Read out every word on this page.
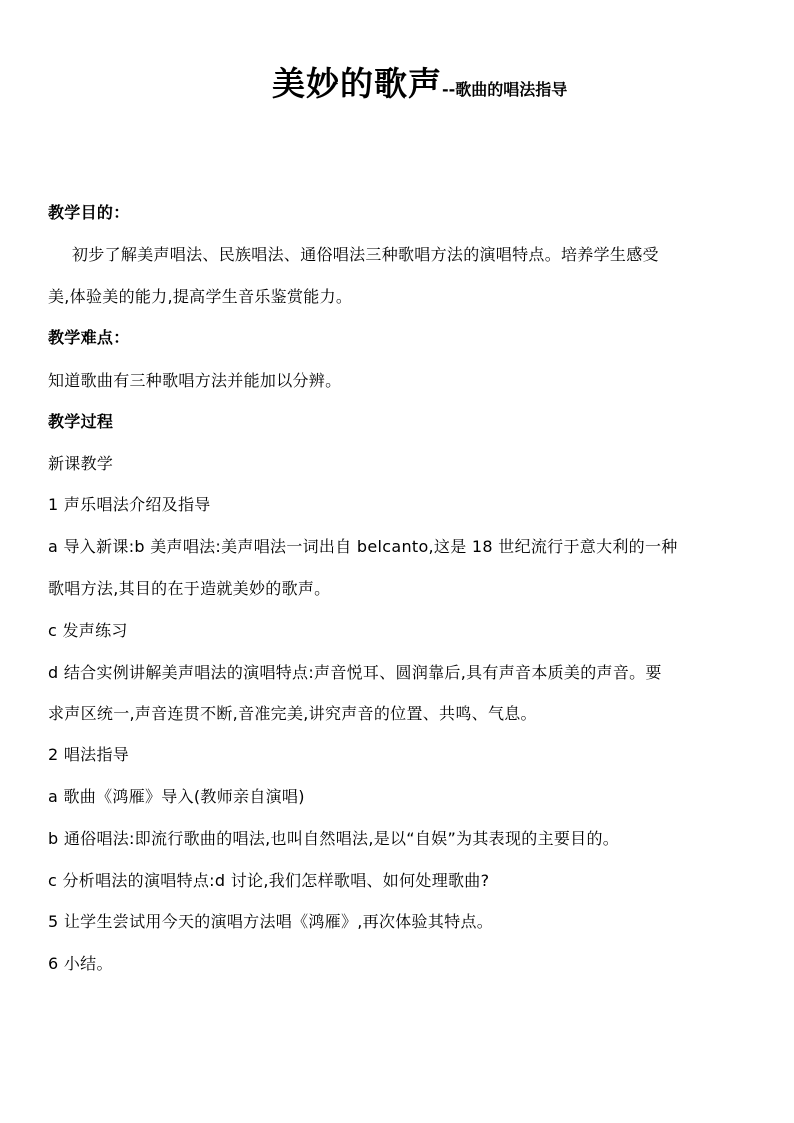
美妙的歌声--歌曲的唱法指导
教学目的：
初步了解美声唱法、民族唱法、通俗唱法三种歌唱方法的演唱特点。培养学生感受
美,体验美的能力,提高学生音乐鉴赏能力。
教学难点：
知道歌曲有三种歌唱方法并能加以分辨。
教学过程
新课教学
1 声乐唱法介绍及指导
a 导入新课:b 美声唱法:美声唱法一词出自 belcanto,这是 18 世纪流行于意大利的一种
歌唱方法,其目的在于造就美妙的歌声。
c 发声练习
d 结合实例讲解美声唱法的演唱特点:声音悦耳、圆润靠后,具有声音本质美的声音。要
求声区统一,声音连贯不断,音准完美,讲究声音的位置、共鸣、气息。
2 唱法指导
a 歌曲《鸿雁》导入(教师亲自演唱)
b 通俗唱法:即流行歌曲的唱法,也叫自然唱法,是以“自娱”为其表现的主要目的。
c 分析唱法的演唱特点:d 讨论,我们怎样歌唱、如何处理歌曲?
5 让学生尝试用今天的演唱方法唱《鸿雁》,再次体验其特点。
6 小结。
